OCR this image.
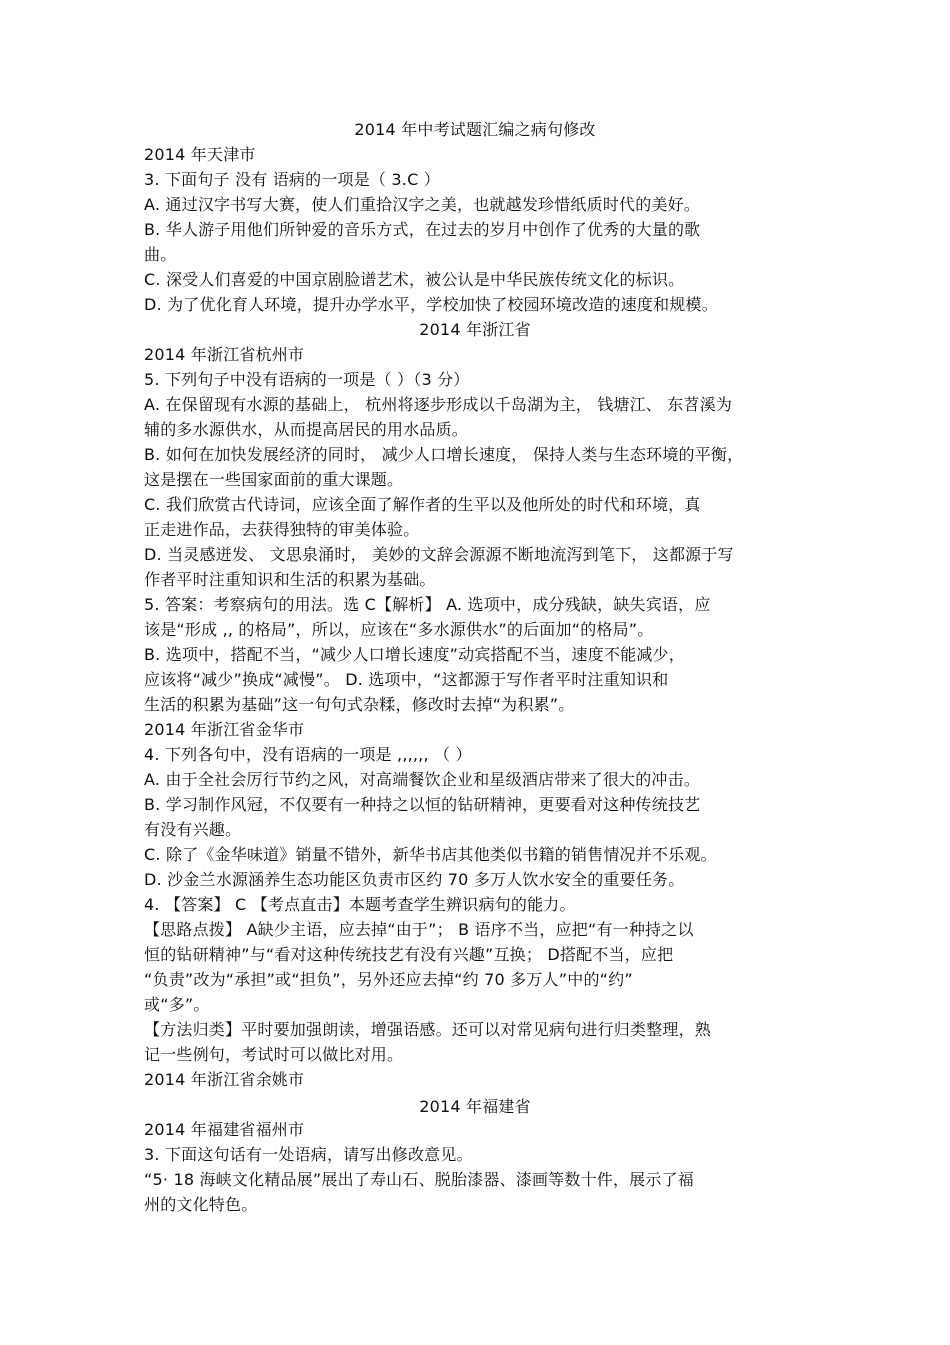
2014 年中考试题汇编之病句修改
2014 年天津市
3. 下面句子 没有 语病的一项是（ 3.C ）
A. 通过汉字书写大赛，使人们重拾汉字之美，也就越发珍惜纸质时代的美好。
B. 华人游子用他们所钟爱的音乐方式，在过去的岁月中创作了优秀的大量的歌
曲。
C. 深受人们喜爱的中国京剧脸谱艺术，被公认是中华民族传统文化的标识。
D. 为了优化育人环境，提升办学水平，学校加快了校园环境改造的速度和规模。
2014 年浙江省
2014 年浙江省杭州市
5. 下列句子中没有语病的一项是（ ）（3 分）
A. 在保留现有水源的基础上， 杭州将逐步形成以千岛湖为主， 钱塘江、 东苕溪为
辅的多水源供水，从而提高居民的用水品质。
B. 如何在加快发展经济的同时， 减少人口增长速度， 保持人类与生态环境的平衡，
这是摆在一些国家面前的重大课题。
C. 我们欣赏古代诗词，应该全面了解作者的生平以及他所处的时代和环境，真
正走进作品，去获得独特的审美体验。
D. 当灵感迸发、 文思泉涌时， 美妙的文辞会源源不断地流泻到笔下， 这都源于写
作者平时注重知识和生活的积累为基础。
5. 答案：考察病句的用法。选 C【解析】 A. 选项中，成分残缺，缺失宾语，应
该是“形成 ,, 的格局”，所以，应该在“多水源供水”的后面加“的格局”。
B. 选项中，搭配不当，“减少人口增长速度”动宾搭配不当，速度不能减少，
应该将“减少”换成“减慢”。 D. 选项中，“这都源于写作者平时注重知识和
生活的积累为基础”这一句句式杂糅，修改时去掉“为积累”。
2014 年浙江省金华市
4. 下列各句中，没有语病的一项是 ,,,,,, （ ）
A. 由于全社会厉行节约之风，对高端餐饮企业和星级酒店带来了很大的冲击。
B. 学习制作风冠，不仅要有一种持之以恒的钻研精神，更要看对这种传统技艺
有没有兴趣。
C. 除了《金华味道》销量不错外，新华书店其他类似书籍的销售情况并不乐观。
D. 沙金兰水源涵养生态功能区负责市区约 70 多万人饮水安全的重要任务。
4. 【答案】 C 【考点直击】本题考查学生辨识病句的能力。
【思路点拨】 A缺少主语，应去掉“由于”； B 语序不当，应把“有一种持之以
恒的钻研精神”与“看对这种传统技艺有没有兴趣”互换； D搭配不当，应把
“负责”改为“承担”或“担负”，另外还应去掉“约 70 多万人”中的“约”
或“多”。
【方法归类】平时要加强朗读，增强语感。还可以对常见病句进行归类整理，熟
记一些例句，考试时可以做比对用。
2014 年浙江省余姚市
2014 年福建省
2014 年福建省福州市
3. 下面这句话有一处语病，请写出修改意见。
“5· 18 海峡文化精品展”展出了寿山石、脱胎漆器、漆画等数十件，展示了福
州的文化特色。
